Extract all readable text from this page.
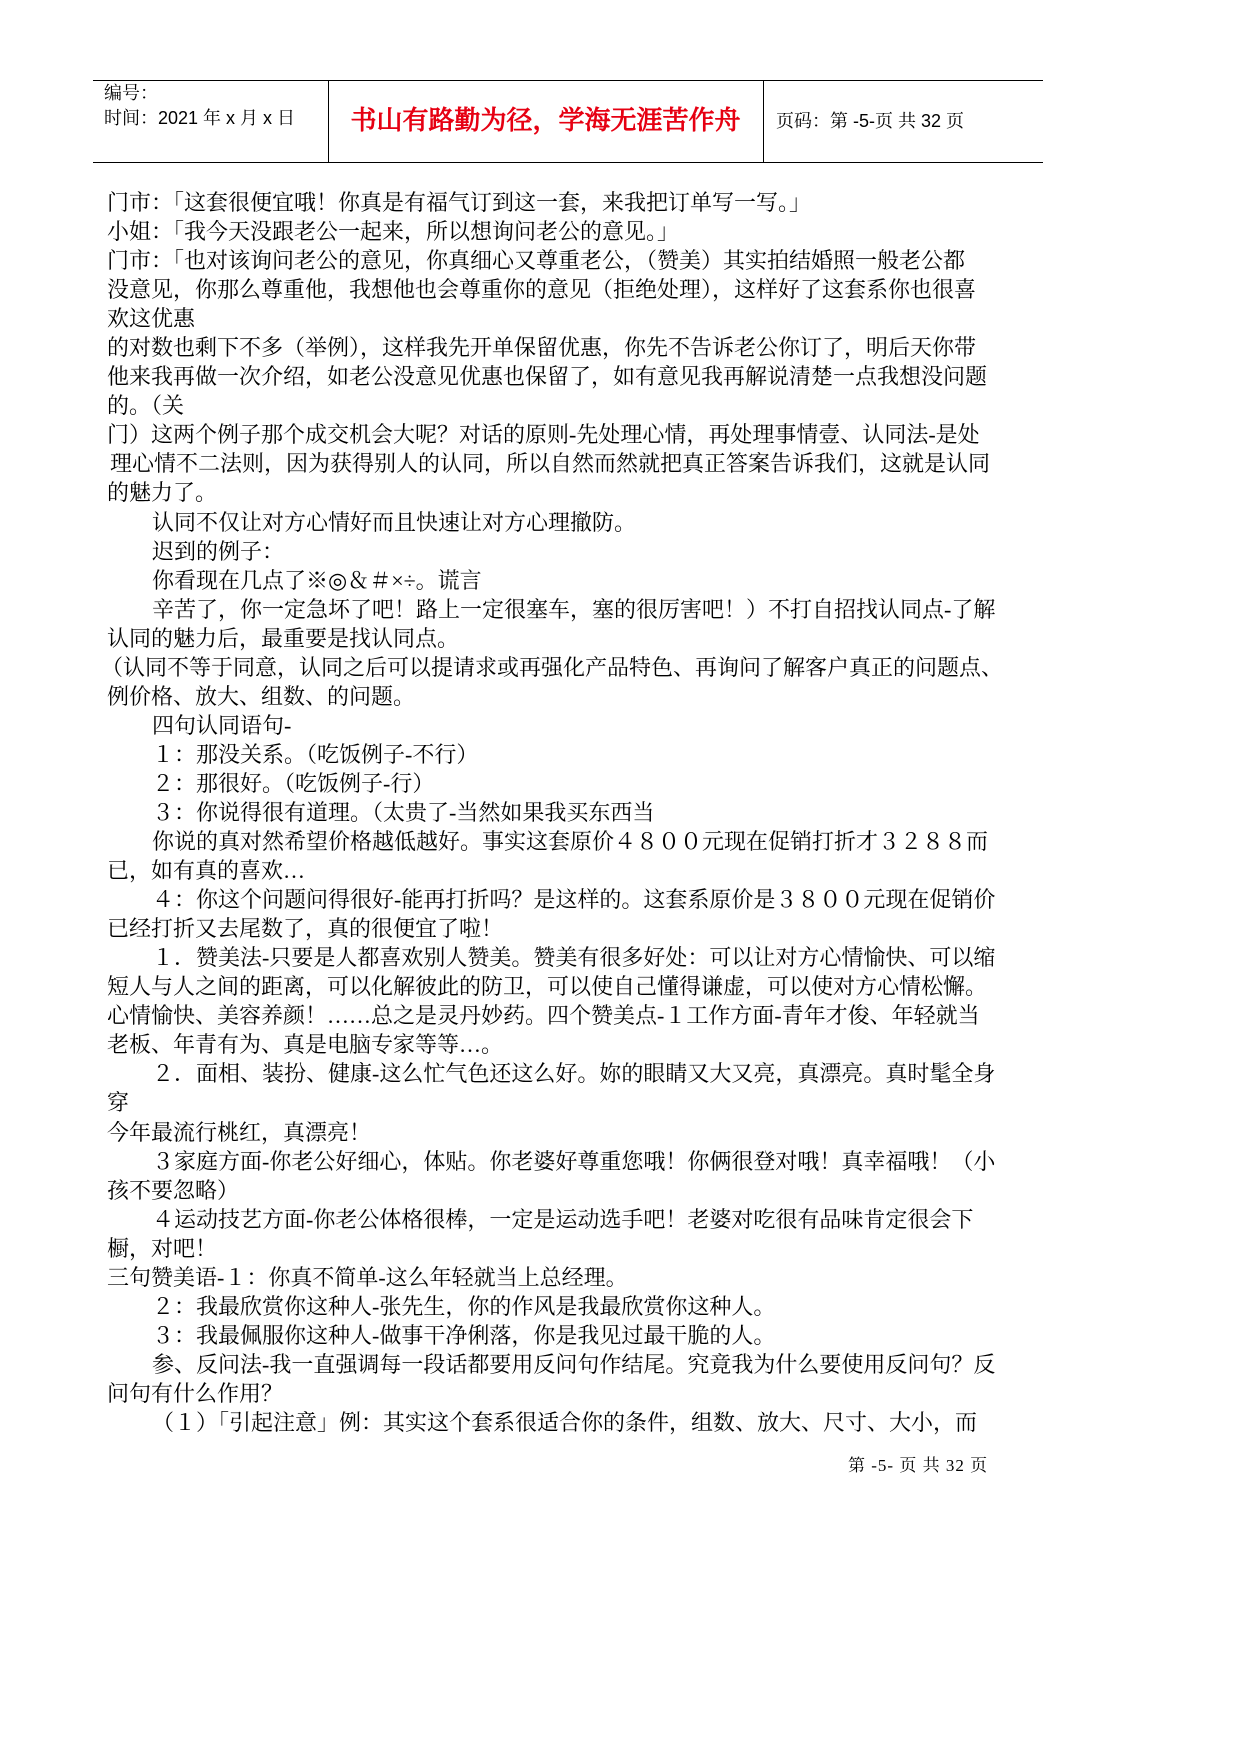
编号：
时间：2021 年 x 月 x 日	书山有路勤为径，学海无涯苦作舟	页码：第 -5-页 共 32 页
门市：「这套很便宜哦！你真是有福气订到这一套，来我把订单写一写。」
小姐：「我今天没跟老公一起来，所以想询问老公的意见。」
门市：「也对该询问老公的意见，你真细心又尊重老公，（赞美）其实拍结婚照一般老公都
没意见，你那么尊重他，我想他也会尊重你的意见（拒绝处理），这样好了这套系你也很喜
欢这优惠
的对数也剩下不多（举例），这样我先开单保留优惠，你先不告诉老公你订了，明后天你带
他来我再做一次介绍，如老公没意见优惠也保留了，如有意见我再解说清楚一点我想没问题
的。（关
门）这两个例子那个成交机会大呢？对话的原则-先处理心情，再处理事情壹、认同法-是处
理心情不二法则，因为获得别人的认同，所以自然而然就把真正答案告诉我们，这就是认同
的魅力了。
认同不仅让对方心情好而且快速让对方心理撤防。
迟到的例子：
你看现在几点了※◎＆＃×÷。谎言
辛苦了，你一定急坏了吧！路上一定很塞车，塞的很厉害吧！）不打自招找认同点-了解
认同的魅力后，最重要是找认同点。
（认同不等于同意，认同之后可以提请求或再强化产品特色、再询问了解客户真正的问题点、
例价格、放大、组数、的问题。
四句认同语句-
１：那没关系。（吃饭例子-不行）
２：那很好。（吃饭例子-行）
３：你说得很有道理。（太贵了-当然如果我买东西当
你说的真对然希望价格越低越好。事实这套原价４８００元现在促销打折才３２８８而
已，如有真的喜欢…
４：你这个问题问得很好-能再打折吗？是这样的。这套系原价是３８００元现在促销价
已经打折又去尾数了，真的很便宜了啦！
１．赞美法-只要是人都喜欢别人赞美。赞美有很多好处：可以让对方心情愉快、可以缩
短人与人之间的距离，可以化解彼此的防卫，可以使自己懂得谦虚，可以使对方心情松懈。
心情愉快、美容养颜！……总之是灵丹妙药。四个赞美点-１工作方面-青年才俊、年轻就当
老板、年青有为、真是电脑专家等等…。
２．面相、装扮、健康-这么忙气色还这么好。妳的眼睛又大又亮，真漂亮。真时髦全身
穿
今年最流行桃红，真漂亮！
３家庭方面-你老公好细心，体贴。你老婆好尊重您哦！你俩很登对哦！真幸福哦！（小
孩不要忽略）
４运动技艺方面-你老公体格很棒，一定是运动选手吧！老婆对吃很有品味肯定很会下
橱，对吧！
三句赞美语-１：你真不简单-这么年轻就当上总经理。
２：我最欣赏你这种人-张先生，你的作风是我最欣赏你这种人。
３：我最佩服你这种人-做事干净俐落，你是我见过最干脆的人。
参、反问法-我一直强调每一段话都要用反问句作结尾。究竟我为什么要使用反问句？反
问句有什么作用？
（１）「引起注意」例：其实这个套系很适合你的条件，组数、放大、尺寸、大小，而
第 -5- 页 共 32 页
